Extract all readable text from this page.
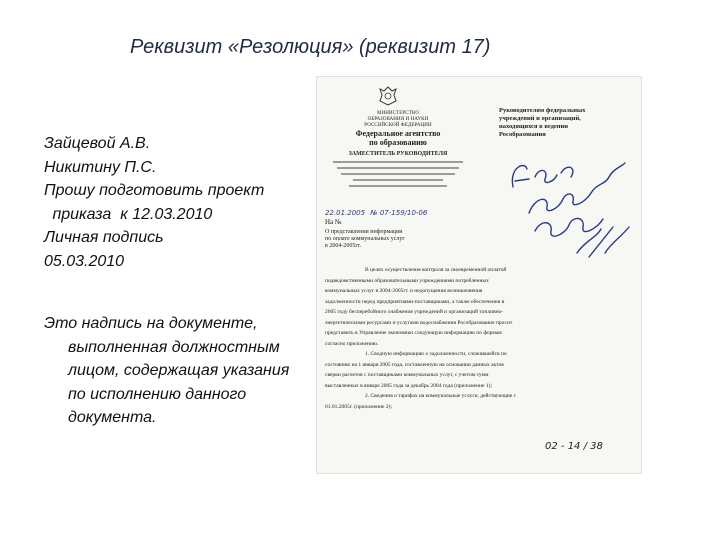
Реквизит «Резолюция» (реквизит 17)
Зайцевой А.В.
Никитину П.С.
Прошу подготовить проект
приказа  к 12.03.2010
Личная подпись
05.03.2010
Это надпись на документе,
выполненная должностным
лицом, содержащая указания
по исполнению данного
документа.
МИНИСТЕРСТВО
ОБРАЗОВАНИЯ И НАУКИ
РОССИЙСКОЙ ФЕДЕРАЦИИ
Федеральное агентство
по образованию
ЗАМЕСТИТЕЛЬ РУКОВОДИТЕЛЯ
Руководителям федеральных
учреждений и организаций,
находящихся в ведении
Рособразования
22.01.2005 № 07-159/10-06
На №
О представлении информации
по оплате коммунальных услуг
в 2004-2005гг.
В целях осуществления контроля за своевременной оплатой
подведомственными образовательными учреждениями потребленных
коммунальных услуг в 2004-2005гг. и недопущения возникновения
задолженности перед предприятиями-поставщиками, а также обеспечения в
2005 году бесперебойного снабжения учреждений и организаций топливно-
энергетическими ресурсами и услугами водоснабжения Рособразование просит
представить в Управление экономики следующую информацию по формам
согласно приложению.
1. Сводную информацию о задолженности, сложившейся по
состоянию на 1 января 2005 года, составленную на основании данных актов
сверки расчетов с поставщиками коммунальных услуг, с учетом сумм
выставленных в январе 2005 года за декабрь 2004 года (приложение 1);
2. Сведения о тарифах на коммунальные услуги, действующие с
01.01.2005г. (приложение 2);
02 - 14 / 38
